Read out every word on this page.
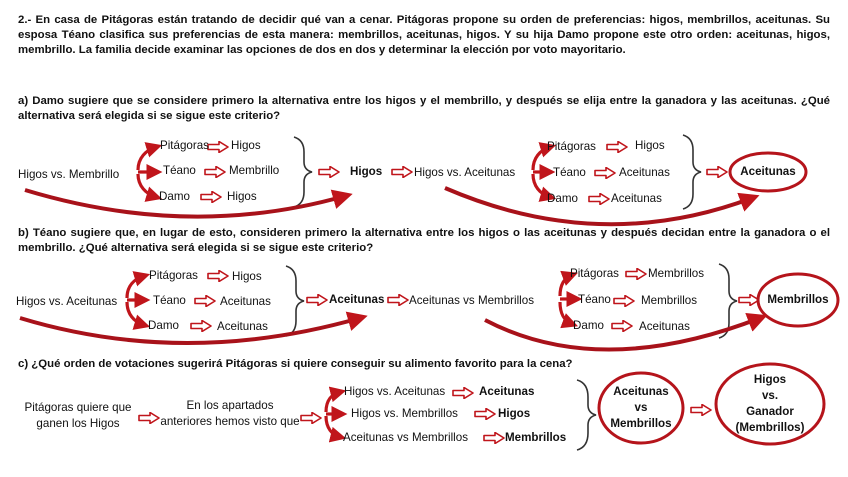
2.- En casa de Pitágoras están tratando de decidir qué van a cenar. Pitágoras propone su orden de preferencias: higos, membrillos, aceitunas. Su esposa Téano clasifica sus preferencias de esta manera: membrillos, aceitunas, higos. Y su hija Damo propone este otro orden: aceitunas, higos, membrillo. La familia decide examinar las opciones de dos en dos y determinar la elección por voto mayoritario.
a) Damo sugiere que se considere primero la alternativa entre los higos y el membrillo, y después se elija entre la ganadora y las aceitunas. ¿Qué alternativa será elegida si se sigue este criterio?
b) Téano sugiere que, en lugar de esto, consideren primero la alternativa entre los higos o las aceitunas y después decidan entre la ganadora o el membrillo. ¿Qué alternativa será elegida si se sigue este criterio?
c) ¿Qué orden de votaciones sugerirá Pitágoras si quiere conseguir su alimento favorito para la cena?
Higos vs. Membrillo
Pitágoras Higos
Téano	Membrillo
Damo	Higos
Higos	Higos vs. Aceitunas
Pitágoras	Higos
Téano	Aceitunas
Damo	Aceitunas
Aceitunas
Higos vs. Aceitunas
Pitágoras	Higos
Téano	Aceitunas
Damo	Aceitunas
Aceitunas Aceitunas vs Membrillos
Pitágoras	Membrillos
Téano	Membrillos
Damo	Aceitunas
Membrillos
Pitágoras quiere que ganen los Higos
En los apartados anteriores hemos visto que
Higos vs. Aceitunas	Aceitunas
Higos vs. Membrillos	Higos
Aceitunas vs Membrillos	Membrillos
Aceitunas
vs
Membrillos
Higos
vs.
Ganador
(Membrillos)
